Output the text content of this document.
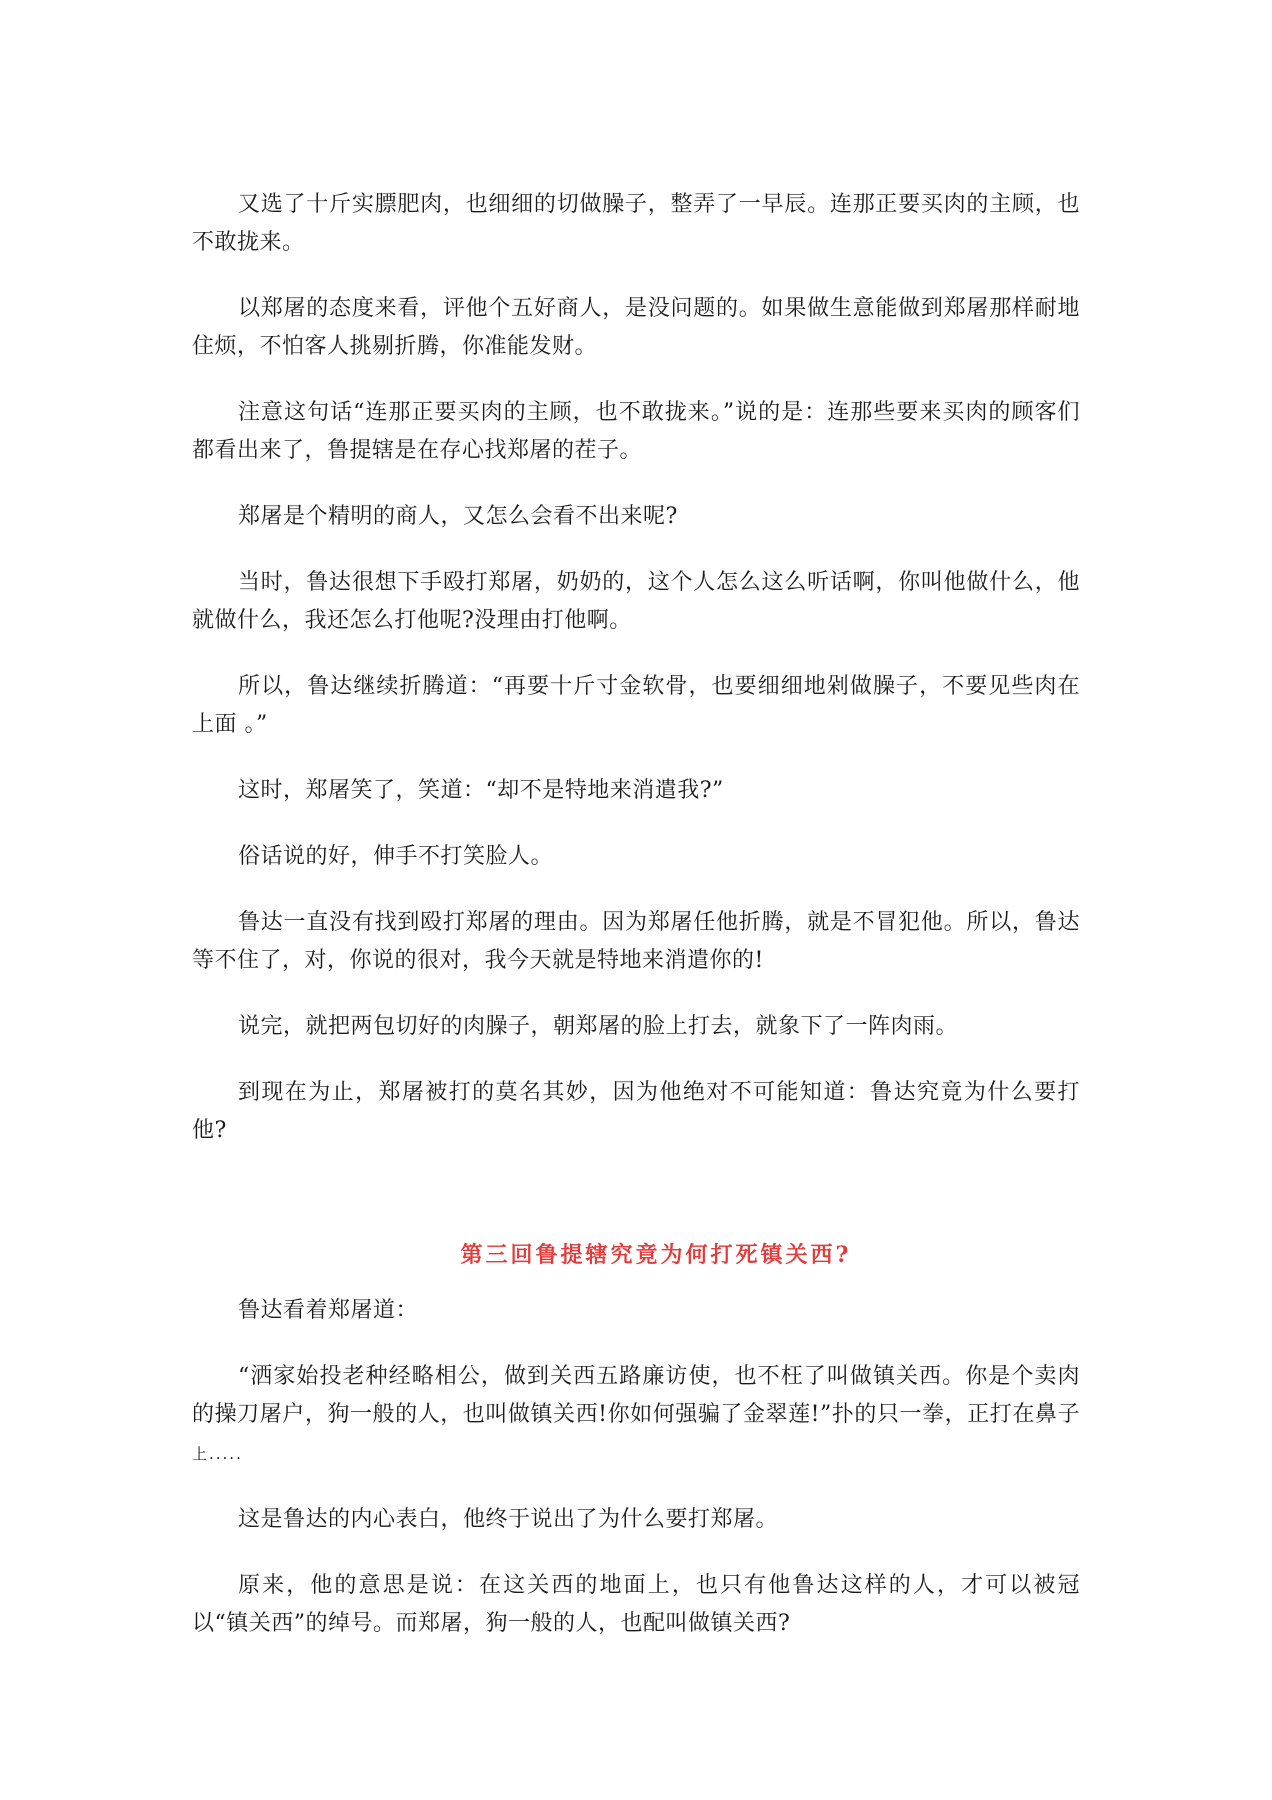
又选了十斤实膘肥肉，也细细的切做臊子，整弄了一早辰。连那正要买肉的主顾，也不敢拢来。

以郑屠的态度来看，评他个五好商人，是没问题的。如果做生意能做到郑屠那样耐地住烦，不怕客人挑剔折腾，你准能发财。

注意这句话“连那正要买肉的主顾，也不敢拢来。”说的是：连那些要来买肉的顾客们都看出来了，鲁提辖是在存心找郑屠的茬子。

郑屠是个精明的商人，又怎么会看不出来呢?

当时，鲁达很想下手殴打郑屠，奶奶的，这个人怎么这么听话啊，你叫他做什么，他就做什么，我还怎么打他呢?没理由打他啊。

所以，鲁达继续折腾道：“再要十斤寸金软骨，也要细细地剁做臊子，不要见些肉在上面 。”

这时，郑屠笑了，笑道：“却不是特地来消遣我?”

俗话说的好，伸手不打笑脸人。

鲁达一直没有找到殴打郑屠的理由。因为郑屠任他折腾，就是不冒犯他。所以，鲁达等不住了，对，你说的很对，我今天就是特地来消遣你的!

说完，就把两包切好的肉臊子，朝郑屠的脸上打去，就象下了一阵肉雨。

到现在为止，郑屠被打的莫名其妙，因为他绝对不可能知道：鲁达究竟为什么要打他?

第三回鲁提辖究竟为何打死镇关西?

鲁达看着郑屠道：

“洒家始投老种经略相公，做到关西五路廉访使，也不枉了叫做镇关西。你是个卖肉的操刀屠户，狗一般的人，也叫做镇关西!你如何强骗了金翠莲!”扑的只一拳，正打在鼻子上.....

这是鲁达的内心表白，他终于说出了为什么要打郑屠。

原来，他的意思是说：在这关西的地面上，也只有他鲁达这样的人，才可以被冠以“镇关西”的绰号。而郑屠，狗一般的人，也配叫做镇关西?
